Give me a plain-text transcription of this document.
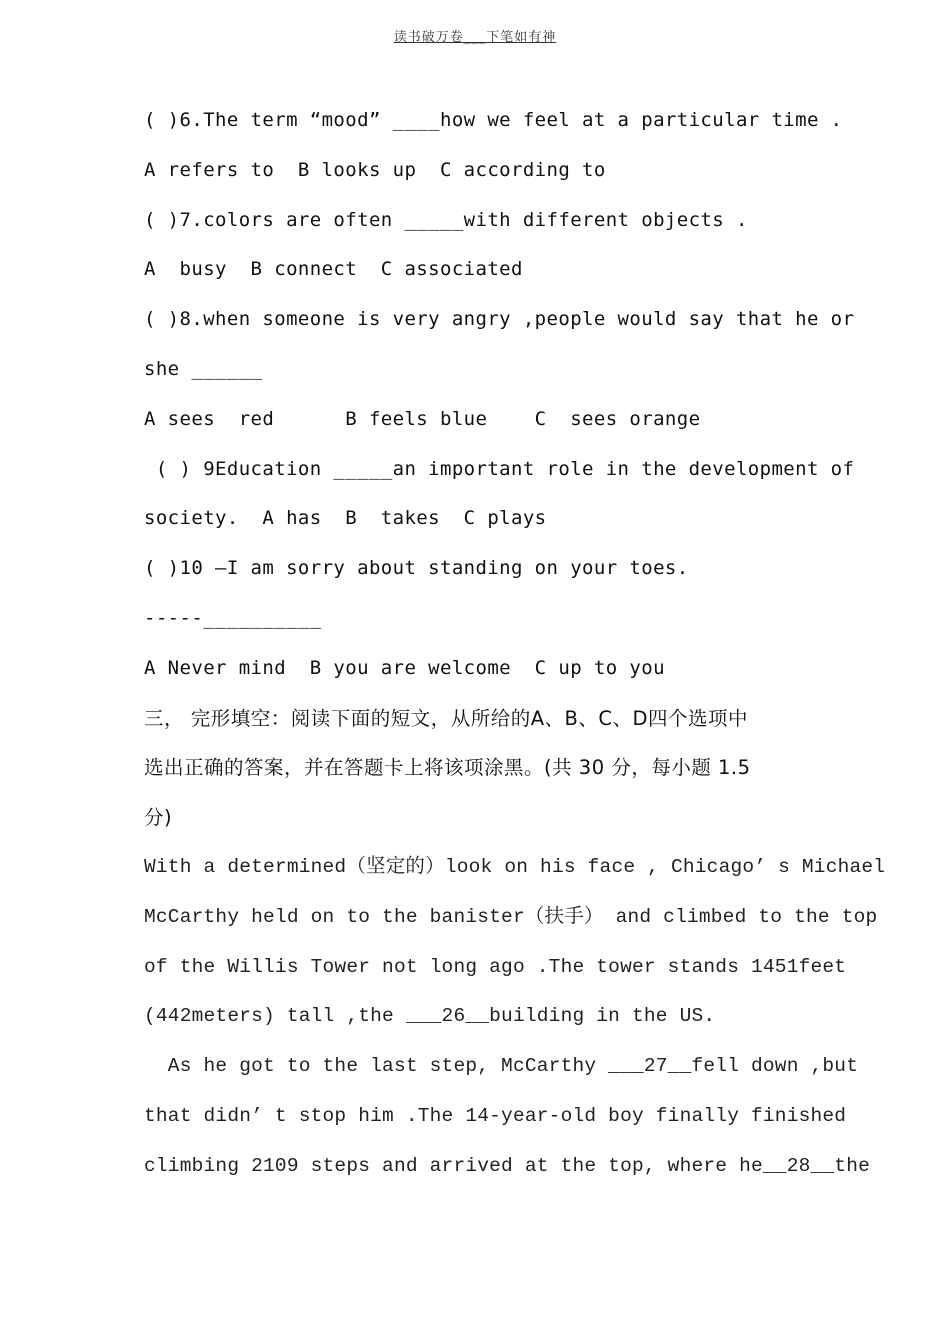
读书破万卷___下笔如有神
( )6.The term “mood” ____how we feel at a particular time .
A refers to  B looks up  C according to
( )7.colors are often _____with different objects .
A  busy  B connect  C associated
( )8.when someone is very angry ,people would say that he or
she ______
A sees  red      B feels blue    C  sees orange
( ) 9Education _____an important role in the development of
society.  A has  B  takes  C plays
( )10 —I am sorry about standing on your toes.
-----__________
A Never mind  B you are welcome  C up to you
三， 完形填空：阅读下面的短文，从所给的A、B、C、D四个选项中
选出正确的答案，并在答题卡上将该项涂黑。(共 30 分，每小题 1.5
分)
With a determined（坚定的）look on his face , Chicago’ s Michael
McCarthy held on to the banister（扶手） and climbed to the top
of the Willis Tower not long ago .The tower stands 1451feet
(442meters) tall ,the ___26__building in the US.
As he got to the last step, McCarthy ___27__fell down ,but
that didn’ t stop him .The 14-year-old boy finally finished
climbing 2109 steps and arrived at the top, where he__28__the
